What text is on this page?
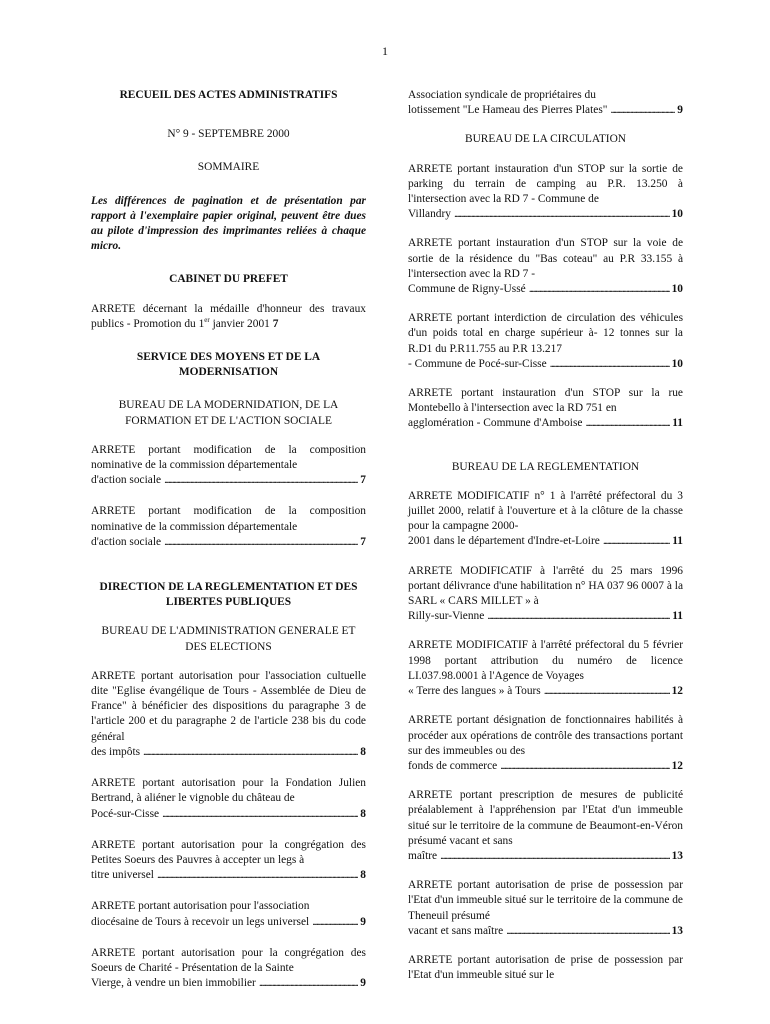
1

RECUEIL DES ACTES ADMINISTRATIFS

N° 9 - SEPTEMBRE 2000

SOMMAIRE

Les différences de pagination et de présentation par rapport à l'exemplaire papier original, peuvent être dues au pilote d'impression des imprimantes reliées à chaque micro.

CABINET DU PREFET

ARRETE décernant la médaille d'honneur des travaux publics - Promotion du 1er janvier 2001 7

SERVICE DES MOYENS ET DE LA MODERNISATION

BUREAU DE LA MODERNIDATION, DE LA FORMATION ET DE L'ACTION SOCIALE

ARRETE portant modification de la composition nominative de la commission départementale

d'action sociale . . .	7

ARRETE portant modification de la composition nominative de la commission départementale

d'action sociale . . .	7

DIRECTION DE LA REGLEMENTATION ET DES LIBERTES PUBLIQUES

BUREAU DE L'ADMINISTRATION GENERALE ET DES ELECTIONS

ARRETE portant autorisation pour l'association cultuelle dite "Eglise évangélique de Tours - Assemblée de Dieu de France" à bénéficier des dispositions du paragraphe 3 de l'article 200 et du paragraphe 2 de l'article 238 bis du code général

des impôts . . .	8

ARRETE portant autorisation pour la Fondation Julien Bertrand, à aliéner le vignoble du château de

Pocé-sur-Cisse . . .	8

ARRETE portant autorisation pour la congrégation des Petites Soeurs des Pauvres à accepter un legs à

titre universel . . .	8

ARRETE portant autorisation pour l'association

diocésaine de Tours à recevoir un legs universel . . .	9

ARRETE portant autorisation pour la congrégation des Soeurs de Charité - Présentation de la Sainte

Vierge, à vendre un bien immobilier . . .	9

Association syndicale de propriétaires du

lotissement "Le Hameau des Pierres Plates" . . .	9

BUREAU DE LA CIRCULATION

ARRETE portant instauration d'un STOP sur la sortie de parking du terrain de camping au P.R. 13.250 à l'intersection avec la RD 7 - Commune de

Villandry . . .	10

ARRETE portant instauration d'un STOP sur la voie de sortie de la résidence du "Bas coteau" au P.R 33.155 à l'intersection avec la RD 7 -

Commune de Rigny-Ussé . . .	10

ARRETE portant interdiction de circulation des véhicules d'un poids total en charge supérieur à- 12 tonnes sur la R.D1 du P.R11.755 au P.R 13.217

- Commune de Pocé-sur-Cisse . . .	10

ARRETE portant instauration d'un STOP sur la rue Montebello à l'intersection avec la RD 751 en

agglomération - Commune d'Amboise . . .	11

BUREAU DE LA REGLEMENTATION

ARRETE MODIFICATIF n° 1 à l'arrêté préfectoral du 3 juillet 2000, relatif à l'ouverture et à la clôture de la chasse pour la campagne 2000-

2001 dans le département d'Indre-et-Loire . . .	11

ARRETE MODIFICATIF à l'arrêté du 25 mars 1996 portant délivrance d'une habilitation n° HA 037 96 0007 à la SARL « CARS MILLET » à

Rilly-sur-Vienne . . .	11

ARRETE MODIFICATIF à l'arrêté préfectoral du 5 février 1998 portant attribution du numéro de licence LI.037.98.0001 à l'Agence de Voyages

« Terre des langues » à Tours . . .	12

ARRETE portant désignation de fonctionnaires habilités à procéder aux opérations de contrôle des transactions portant sur des immeubles ou des

fonds de commerce . . .	12

ARRETE portant prescription de mesures de publicité préalablement à l'appréhension par l'Etat d'un immeuble situé sur le territoire de la commune de Beaumont-en-Véron présumé vacant et sans

maître . . .	13

ARRETE portant autorisation de prise de possession par l'Etat d'un immeuble situé sur le territoire de la commune de Theneuil présumé

vacant et sans maître . . .	13

ARRETE portant autorisation de prise de possession par l'Etat d'un immeuble situé sur le
